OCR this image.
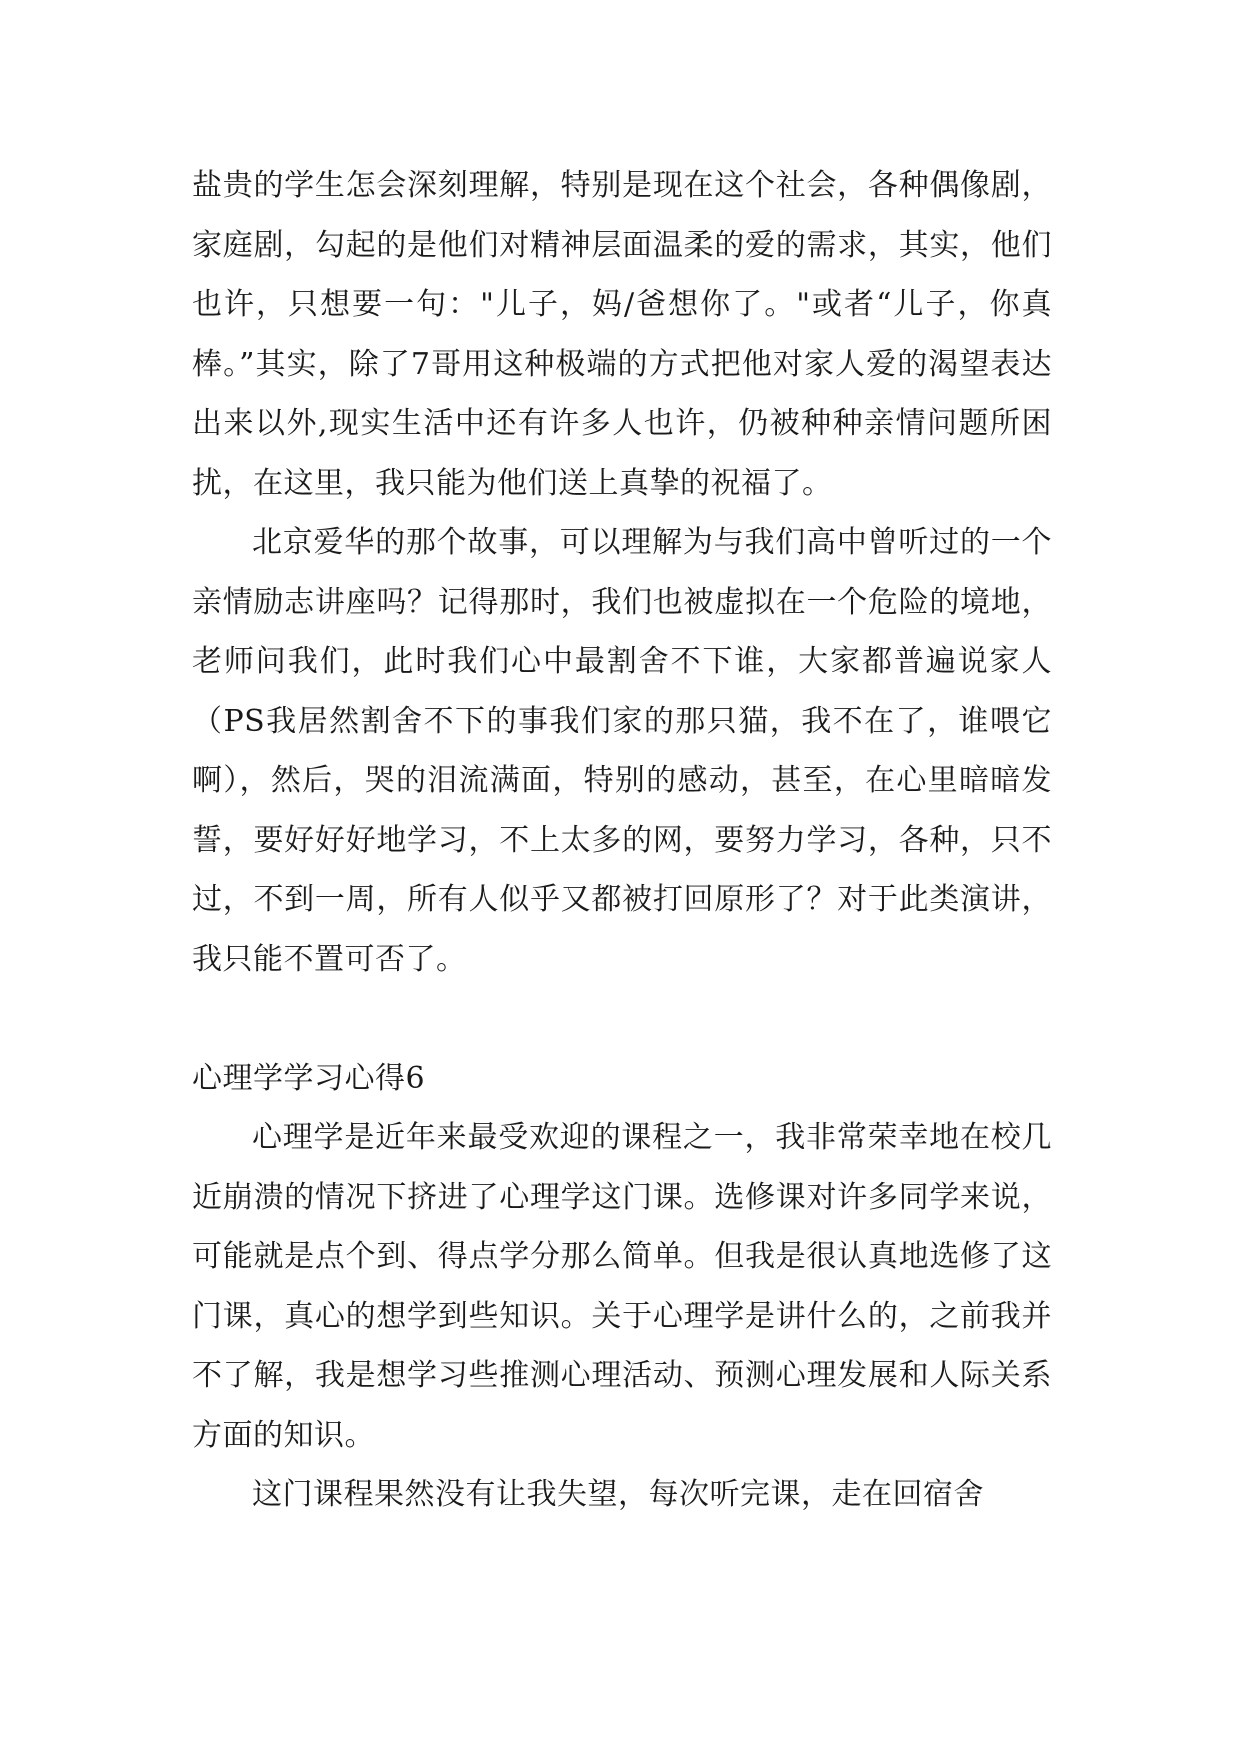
盐贵的学生怎会深刻理解，特别是现在这个社会，各种偶像剧，家庭剧，勾起的是他们对精神层面温柔的爱的需求，其实，他们也许，只想要一句："儿子，妈/爸想你了。"或者“儿子，你真棒。”其实，除了7哥用这种极端的方式把他对家人爱的渴望表达出来以外,现实生活中还有许多人也许，仍被种种亲情问题所困扰，在这里，我只能为他们送上真挚的祝福了。

北京爱华的那个故事，可以理解为与我们高中曾听过的一个亲情励志讲座吗？记得那时，我们也被虚拟在一个危险的境地，老师问我们，此时我们心中最割舍不下谁，大家都普遍说家人（PS我居然割舍不下的事我们家的那只猫，我不在了，谁喂它啊），然后，哭的泪流满面，特别的感动，甚至，在心里暗暗发誓，要好好好地学习，不上太多的网，要努力学习，各种，只不过，不到一周，所有人似乎又都被打回原形了？对于此类演讲，我只能不置可否了。

心理学学习心得6

心理学是近年来最受欢迎的课程之一，我非常荣幸地在校几近崩溃的情况下挤进了心理学这门课。选修课对许多同学来说，可能就是点个到、得点学分那么简单。但我是很认真地选修了这门课，真心的想学到些知识。关于心理学是讲什么的，之前我并不了解，我是想学习些推测心理活动、预测心理发展和人际关系方面的知识。

这门课程果然没有让我失望，每次听完课，走在回宿舍
